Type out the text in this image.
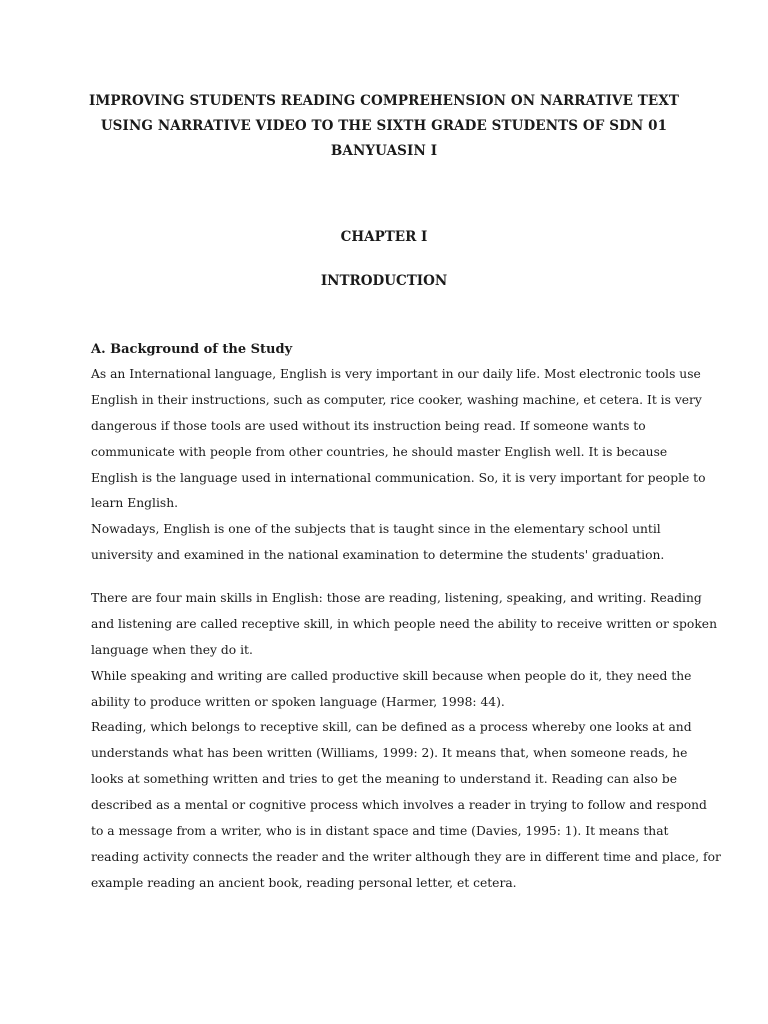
IMPROVING STUDENTS READING COMPREHENSION ON NARRATIVE TEXT
USING NARRATIVE VIDEO TO THE SIXTH GRADE STUDENTS OF SDN 01
BANYUASIN I
CHAPTER I
INTRODUCTION
A. Background of the Study
As an International language, English is very important in our daily life. Most electronic tools use
English in their instructions, such as computer, rice cooker, washing machine, et cetera. It is very
dangerous if those tools are used without its instruction being read. If someone wants to
communicate with people from other countries, he should master English well. It is because
English is the language used in international communication. So, it is very important for people to
learn English.
Nowadays, English is one of the subjects that is taught since in the elementary school until
university and examined in the national examination to determine the students' graduation.
There are four main skills in English: those are reading, listening, speaking, and writing. Reading
and listening are called receptive skill, in which people need the ability to receive written or spoken
language when they do it.
While speaking and writing are called productive skill because when people do it, they need the
ability to produce written or spoken language (Harmer, 1998: 44).
Reading, which belongs to receptive skill, can be defined as a process whereby one looks at and
understands what has been written (Williams, 1999: 2). It means that, when someone reads, he
looks at something written and tries to get the meaning to understand it. Reading can also be
described as a mental or cognitive process which involves a reader in trying to follow and respond
to a message from a writer, who is in distant space and time (Davies, 1995: 1). It means that
reading activity connects the reader and the writer although they are in different time and place, for
example reading an ancient book, reading personal letter, et cetera.
